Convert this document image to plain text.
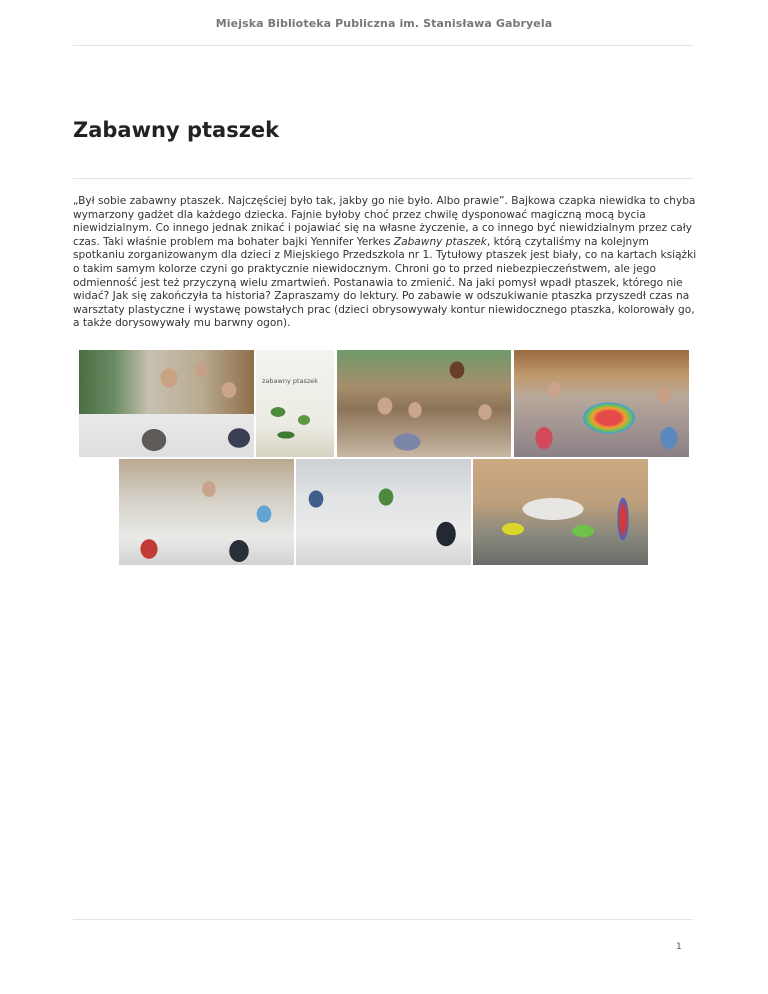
Miejska Biblioteka Publiczna im. Stanisława Gabryela
Zabawny ptaszek
„Był sobie zabawny ptaszek. Najczęściej było tak, jakby go nie było. Albo prawie”. Bajkowa czapka niewidka to chyba wymarzony gadżet dla każdego dziecka. Fajnie byłoby choć przez chwilę dysponować magiczną mocą bycia niewidzialnym. Co innego jednak znikać i pojawiać się na własne życzenie, a co innego być niewidzialnym przez cały czas. Taki właśnie problem ma bohater bajki Yennifer Yerkes Zabawny ptaszek, którą czytaliśmy na kolejnym spotkaniu zorganizowanym dla dzieci z Miejskiego Przedszkola nr 1. Tytułowy ptaszek jest biały, co na kartach książki o takim samym kolorze czyni go praktycznie niewidocznym. Chroni go to przed niebezpieczeństwem, ale jego odmienność jest też przyczyną wielu zmartwień. Postanawia to zmienić. Na jaki pomysł wpadł ptaszek, którego nie widać? Jak się zakończyła ta historia? Zapraszamy do lektury. Po zabawie w odszukiwanie ptaszka przyszedł czas na warsztaty plastyczne i wystawę powstałych prac (dzieci obrysowywały kontur niewidocznego ptaszka, kolorowały go, a także dorysowywały mu barwny ogon).
zabawny ptaszek
1
